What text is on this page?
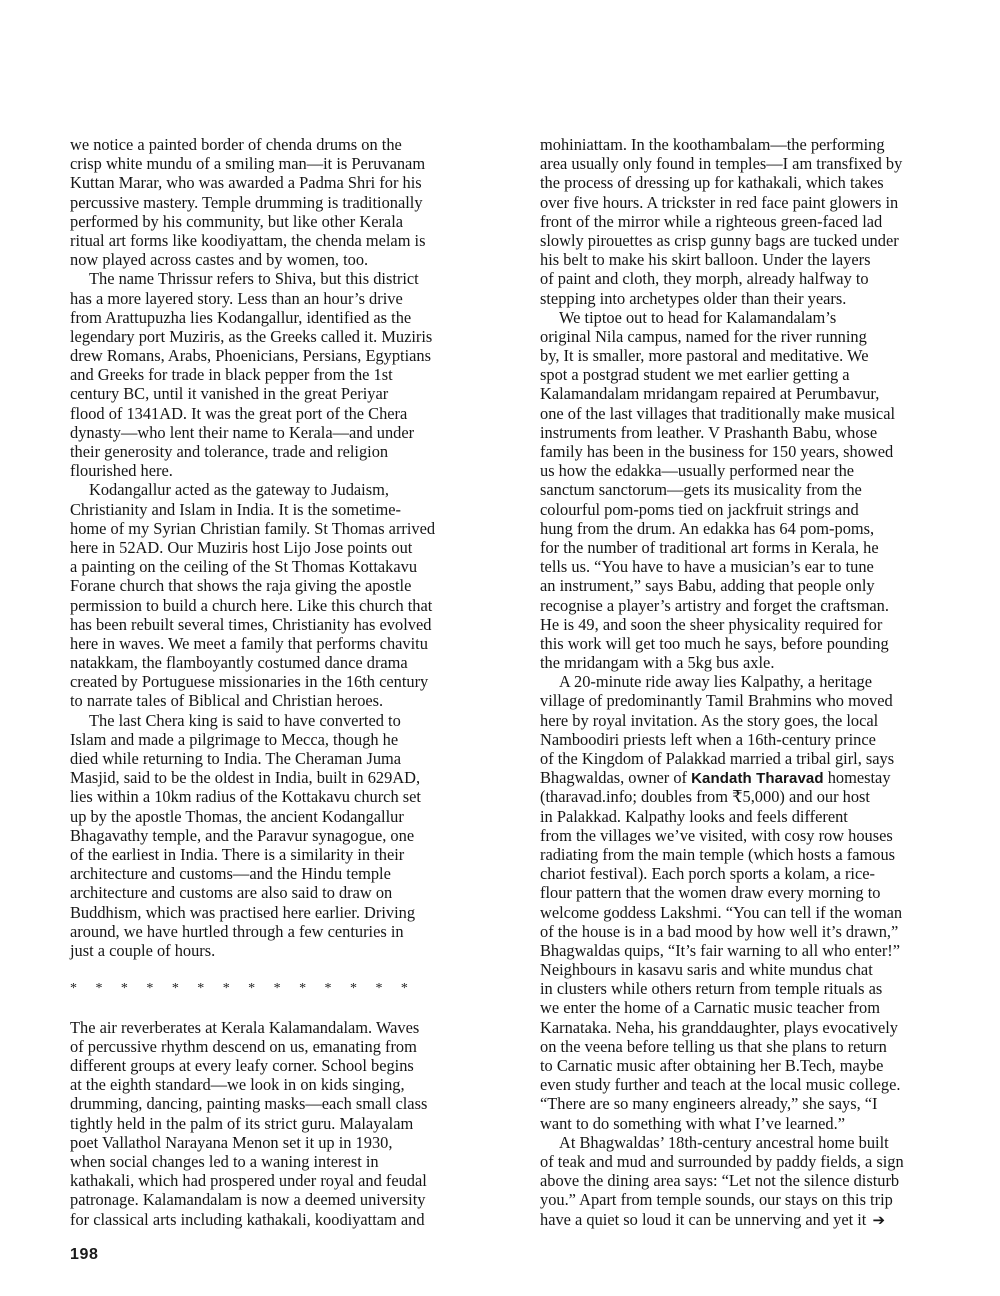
we notice a painted border of chenda drums on the
crisp white mundu of a smiling man—it is Peruvanam
Kuttan Marar, who was awarded a Padma Shri for his
percussive mastery. Temple drumming is traditionally
performed by his community, but like other Kerala
ritual art forms like koodiyattam, the chenda melam is
now played across castes and by women, too.
The name Thrissur refers to Shiva, but this district
has a more layered story. Less than an hour’s drive
from Arattupuzha lies Kodangallur, identified as the
legendary port Muziris, as the Greeks called it. Muziris
drew Romans, Arabs, Phoenicians, Persians, Egyptians
and Greeks for trade in black pepper from the 1st
century BC, until it vanished in the great Periyar
flood of 1341AD. It was the great port of the Chera
dynasty—who lent their name to Kerala—and under
their generosity and tolerance, trade and religion
flourished here.
Kodangallur acted as the gateway to Judaism,
Christianity and Islam in India. It is the sometime-
home of my Syrian Christian family. St Thomas arrived
here in 52AD. Our Muziris host Lijo Jose points out
a painting on the ceiling of the St Thomas Kottakavu
Forane church that shows the raja giving the apostle
permission to build a church here. Like this church that
has been rebuilt several times, Christianity has evolved
here in waves. We meet a family that performs chavitu
natakkam, the flamboyantly costumed dance drama
created by Portuguese missionaries in the 16th century
to narrate tales of Biblical and Christian heroes.
The last Chera king is said to have converted to
Islam and made a pilgrimage to Mecca, though he
died while returning to India. The Cheraman Juma
Masjid, said to be the oldest in India, built in 629AD,
lies within a 10km radius of the Kottakavu church set
up by the apostle Thomas, the ancient Kodangallur
Bhagavathy temple, and the Paravur synagogue, one
of the earliest in India. There is a similarity in their
architecture and customs—and the Hindu temple
architecture and customs are also said to draw on
Buddhism, which was practised here earlier. Driving
around, we have hurtled through a few centuries in
just a couple of hours.

* * * * * * * * * * * * * *

The air reverberates at Kerala Kalamandalam. Waves
of percussive rhythm descend on us, emanating from
different groups at every leafy corner. School begins
at the eighth standard—we look in on kids singing,
drumming, dancing, painting masks—each small class
tightly held in the palm of its strict guru. Malayalam
poet Vallathol Narayana Menon set it up in 1930,
when social changes led to a waning interest in
kathakali, which had prospered under royal and feudal
patronage. Kalamandalam is now a deemed university
for classical arts including kathakali, koodiyattam and
mohiniattam. In the koothambalam—the performing
area usually only found in temples—I am transfixed by
the process of dressing up for kathakali, which takes
over five hours. A trickster in red face paint glowers in
front of the mirror while a righteous green-faced lad
slowly pirouettes as crisp gunny bags are tucked under
his belt to make his skirt balloon. Under the layers
of paint and cloth, they morph, already halfway to
stepping into archetypes older than their years.
We tiptoe out to head for Kalamandalam’s
original Nila campus, named for the river running
by, It is smaller, more pastoral and meditative. We
spot a postgrad student we met earlier getting a
Kalamandalam mridangam repaired at Perumbavur,
one of the last villages that traditionally make musical
instruments from leather. V Prashanth Babu, whose
family has been in the business for 150 years, showed
us how the edakka—usually performed near the
sanctum sanctorum—gets its musicality from the
colourful pom-poms tied on jackfruit strings and
hung from the drum. An edakka has 64 pom-poms,
for the number of traditional art forms in Kerala, he
tells us. “You have to have a musician’s ear to tune
an instrument,” says Babu, adding that people only
recognise a player’s artistry and forget the craftsman.
He is 49, and soon the sheer physicality required for
this work will get too much he says, before pounding
the mridangam with a 5kg bus axle.
A 20-minute ride away lies Kalpathy, a heritage
village of predominantly Tamil Brahmins who moved
here by royal invitation. As the story goes, the local
Namboodiri priests left when a 16th-century prince
of the Kingdom of Palakkad married a tribal girl, says
Bhagwaldas, owner of Kandath Tharavad homestay
(tharavad.info; doubles from ₹5,000) and our host
in Palakkad. Kalpathy looks and feels different
from the villages we’ve visited, with cosy row houses
radiating from the main temple (which hosts a famous
chariot festival). Each porch sports a kolam, a rice-
flour pattern that the women draw every morning to
welcome goddess Lakshmi. “You can tell if the woman
of the house is in a bad mood by how well it’s drawn,”
Bhagwaldas quips, “It’s fair warning to all who enter!”
Neighbours in kasavu saris and white mundus chat
in clusters while others return from temple rituals as
we enter the home of a Carnatic music teacher from
Karnataka. Neha, his granddaughter, plays evocatively
on the veena before telling us that she plans to return
to Carnatic music after obtaining her B.Tech, maybe
even study further and teach at the local music college.
“There are so many engineers already,” she says, “I
want to do something with what I’ve learned.”
At Bhagwaldas’ 18th-century ancestral home built
of teak and mud and surrounded by paddy fields, a sign
above the dining area says: “Let not the silence disturb
you.” Apart from temple sounds, our stays on this trip
have a quiet so loud it can be unnerving and yet it ➔
198
